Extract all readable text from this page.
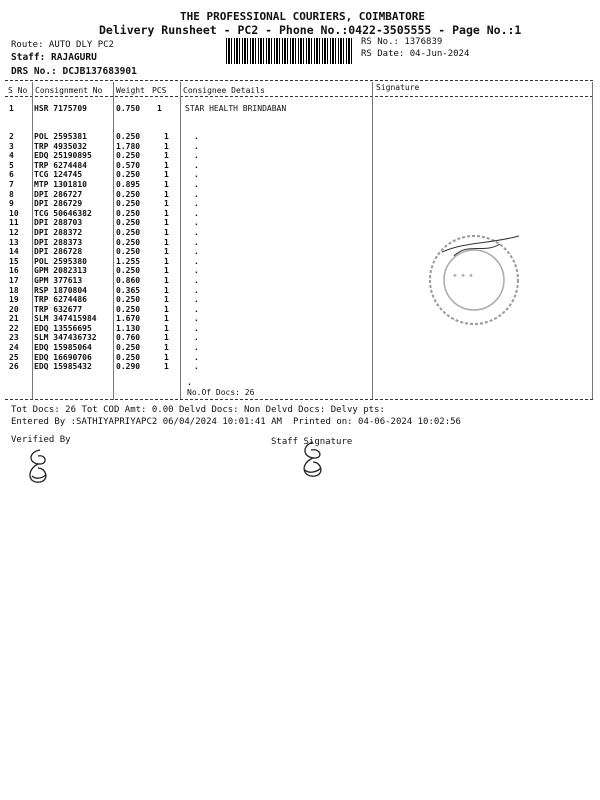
THE PROFESSIONAL COURIERS, COIMBATORE
Delivery Runsheet - PC2 - Phone No.:0422-3505555 - Page No.:1
Route: AUTO DLY PC2
Staff: RAJAGURU
DRS No.: DCJB137683901
RS No.: 1376839
RS Date: 04-Jun-2024
S No Consignment No Weight PCS Consignee Details	Signature
1	HSR 7175709	0.750 1	STAR HEALTH BRINDABAN
2	POL 2595381	0.250	1	.
3	TRP 4935032	1.780	1	.
4	EDQ 25190895	0.250	1	.
5	TRP 6274484	0.570	1	.
6	TCG 124745	0.250	1	.
7	MTP 1301810	0.895	1	.
8	DPI 286727	0.250	1	.
9	DPI 286729	0.250	1	.
10	TCG 50646382	0.250	1	.
11	DPI 288703	0.250	1	.
12	DPI 288372	0.250	1	.
13	DPI 288373	0.250	1	.
14	DPI 286728	0.250	1	.
15	POL 2595380	1.255	1	.
16	GPM 2082313	0.250	1	.
17	GPM 377613	0.860	1	.
18	RSP 1870804	0.365	1	.
19	TRP 6274486	0.250	1	.
20	TRP 632677	0.250	1	.
21	SLM 347415984	1.670	1	.
22	EDQ 13556695	1.130	1	.
23	SLM 347436732	0.760	1	.
24	EDQ 15985064	0.250	1	.
25	EDQ 16690706	0.250	1	.
26	EDQ 15985432	0.290	1	.
.
No.Of Docs: 26
✦ ✦ ✦
Tot Docs: 26 Tot COD Amt: 0.00 Delvd Docs: Non Delvd Docs: Delvy pts:
Entered By :SATHIYAPRIYAPC2 06/04/2024 10:01:41 AM Printed on: 04-06-2024 10:02:56
Verified By	Staff Signature
